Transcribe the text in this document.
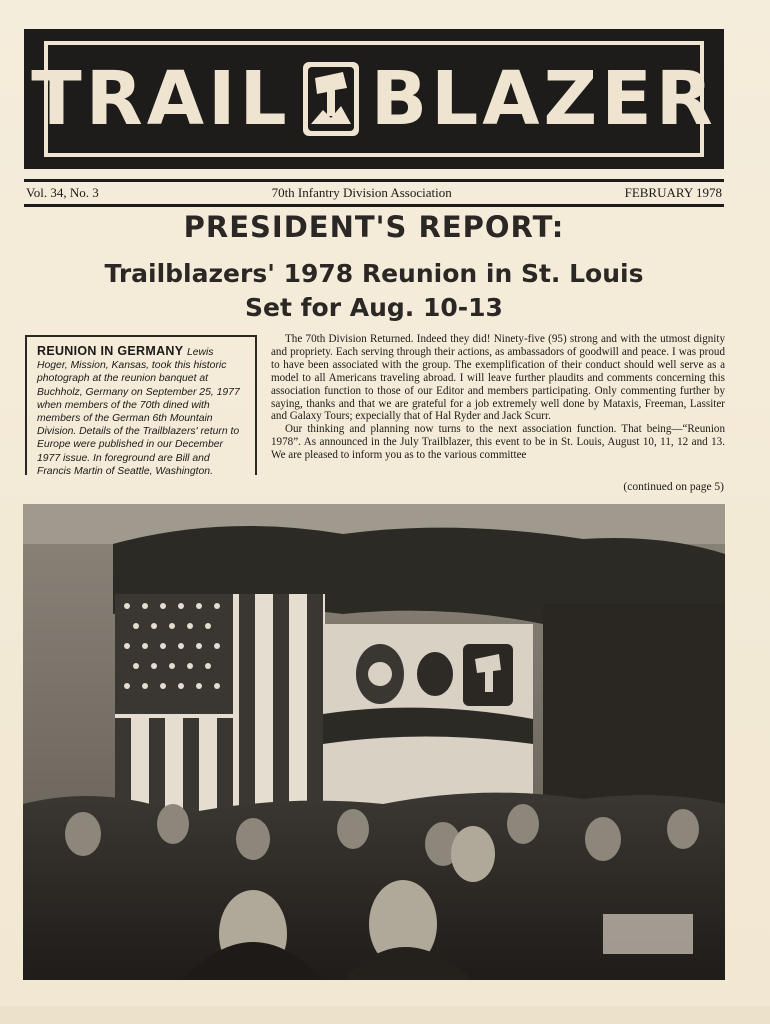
TRAIL BLAZER
Vol. 34, No. 3	70th Infantry Division Association	FEBRUARY 1978
PRESIDENT'S REPORT:
Trailblazers' 1978 Reunion in St. Louis
Set for Aug. 10-13
REUNION IN GERMANY Lewis Hoger, Mission, Kansas, took this historic photograph at the reunion banquet at Buchholz, Germany on September 25, 1977 when members of the 70th dined with members of the German 6th Mountain Division. Details of the Trailblazers' return to Europe were published in our December 1977 issue. In foreground are Bill and Francis Martin of Seattle, Washington.

The 70th Division Returned. Indeed they did! Ninety-five (95) strong and with the utmost dignity and propriety. Each serving through their actions, as ambassadors of goodwill and peace. I was proud to have been associated with the group. The exemplification of their conduct should well serve as a model to all Americans traveling abroad. I will leave further plaudits and comments concerning this association function to those of our Editor and members participating. Only commenting further by saying, thanks and that we are grateful for a job extremely well done by Mataxis, Freeman, Lassiter and Galaxy Tours; expecially that of Hal Ryder and Jack Scurr.

Our thinking and planning now turns to the next association function. That being—“Reunion 1978”. As announced in the July Trailblazer, this event to be in St. Louis, August 10, 11, 12 and 13. We are pleased to inform you as to the various committee

(continued on page 5)
